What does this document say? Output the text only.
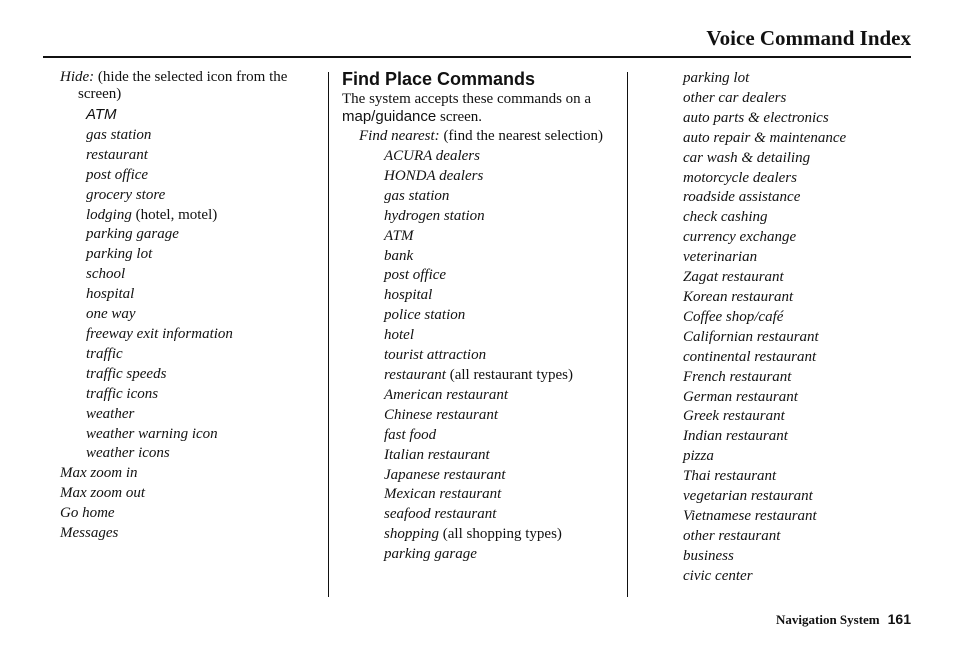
Voice Command Index
Hide: (hide the selected icon from the screen)
ATM
gas station
restaurant
post office
grocery store
lodging (hotel, motel)
parking garage
parking lot
school
hospital
one way
freeway exit information
traffic
traffic speeds
traffic icons
weather
weather warning icon
weather icons
Max zoom in
Max zoom out
Go home
Messages
Find Place Commands
The system accepts these commands on a map/guidance screen.
Find nearest: (find the nearest selection)
ACURA dealers
HONDA dealers
gas station
hydrogen station
ATM
bank
post office
hospital
police station
hotel
tourist attraction
restaurant (all restaurant types)
American restaurant
Chinese restaurant
fast food
Italian restaurant
Japanese restaurant
Mexican restaurant
seafood restaurant
shopping (all shopping types)
parking garage
parking lot
other car dealers
auto parts & electronics
auto repair & maintenance
car wash & detailing
motorcycle dealers
roadside assistance
check cashing
currency exchange
veterinarian
Zagat restaurant
Korean restaurant
Coffee shop/café
Californian restaurant
continental restaurant
French restaurant
German restaurant
Greek restaurant
Indian restaurant
pizza
Thai restaurant
vegetarian restaurant
Vietnamese restaurant
other restaurant
business
civic center
Navigation System 161
